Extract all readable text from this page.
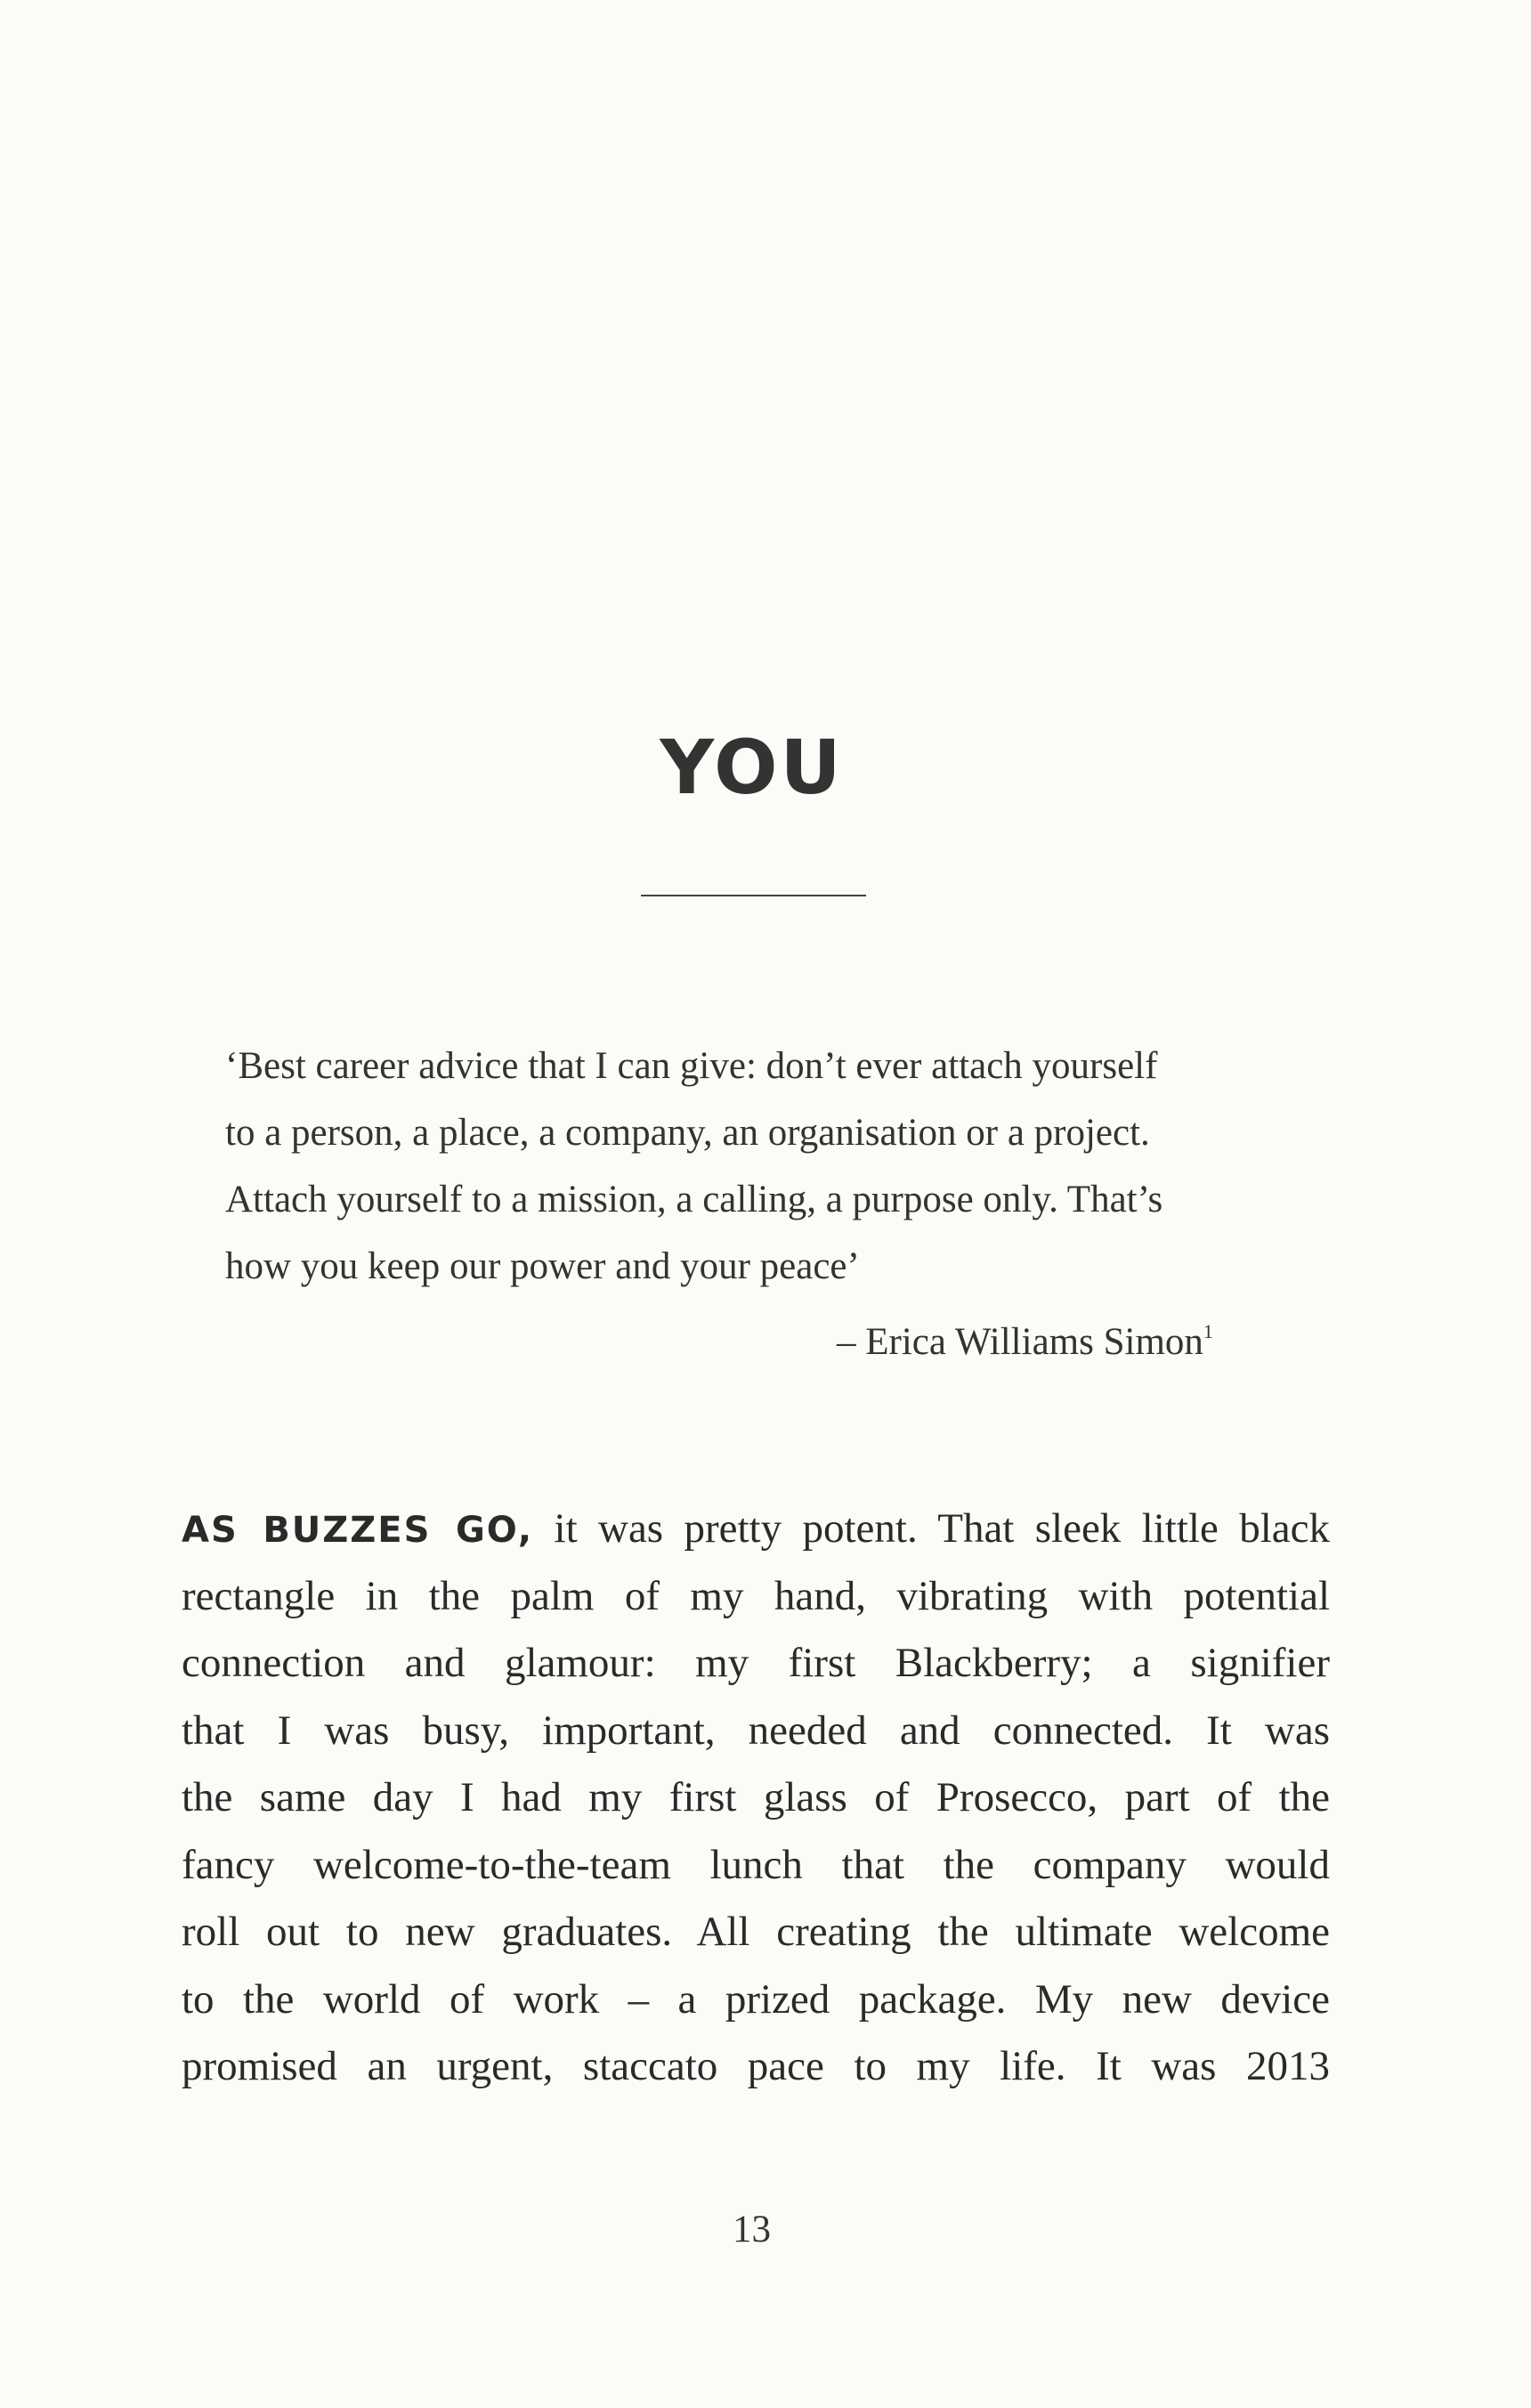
YOU
‘Best career advice that I can give: don’t ever attach yourself
to a person, a place, a company, an organisation or a project.
Attach yourself to a mission, a calling, a purpose only. That’s
how you keep our power and your peace’
– Erica Williams Simon$^1$
AS BUZZES GO, it was pretty potent. That sleek little black
rectangle in the palm of my hand, vibrating with potential
connection and glamour: my first Blackberry; a signifier
that I was busy, important, needed and connected. It was
the same day I had my first glass of Prosecco, part of the
fancy welcome-to-the-team lunch that the company would
roll out to new graduates. All creating the ultimate welcome
to the world of work – a prized package. My new device
promised an urgent, staccato pace to my life. It was 2013
13
